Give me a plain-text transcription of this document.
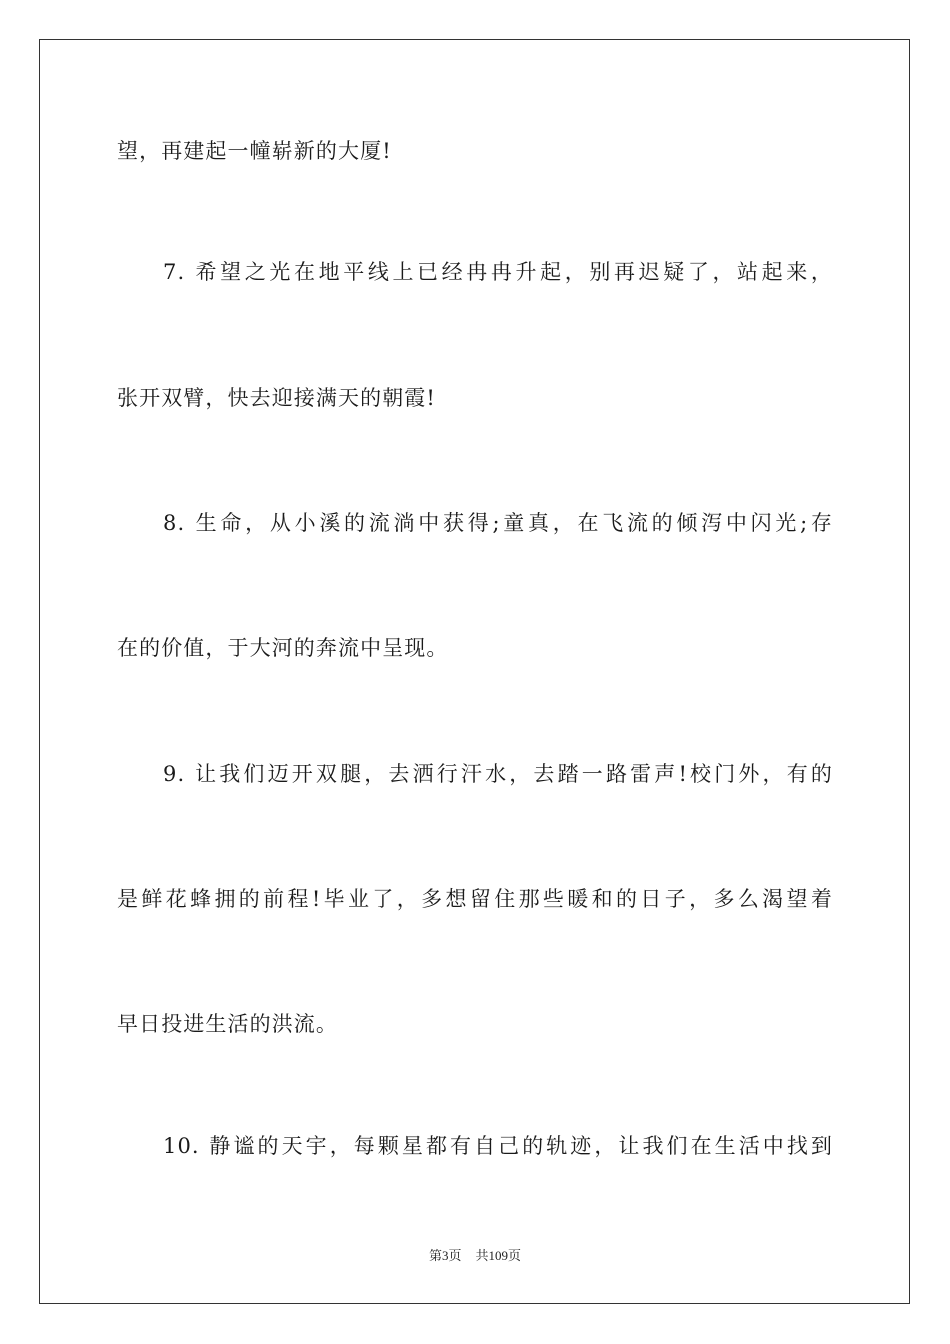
望，再建起一幢崭新的大厦!
7. 希望之光在地平线上已经冉冉升起，别再迟疑了，站起来，
张开双臂，快去迎接满天的朝霞!
8. 生命，从小溪的流淌中获得;童真，在飞流的倾泻中闪光;存
在的价值，于大河的奔流中呈现。
9. 让我们迈开双腿，去洒行汗水，去踏一路雷声!校门外，有的
是鲜花蜂拥的前程!毕业了，多想留住那些暖和的日子，多么渴望着
早日投进生活的洪流。
10. 静谧的天宇，每颗星都有自己的轨迹，让我们在生活中找到
第3页 共109页
